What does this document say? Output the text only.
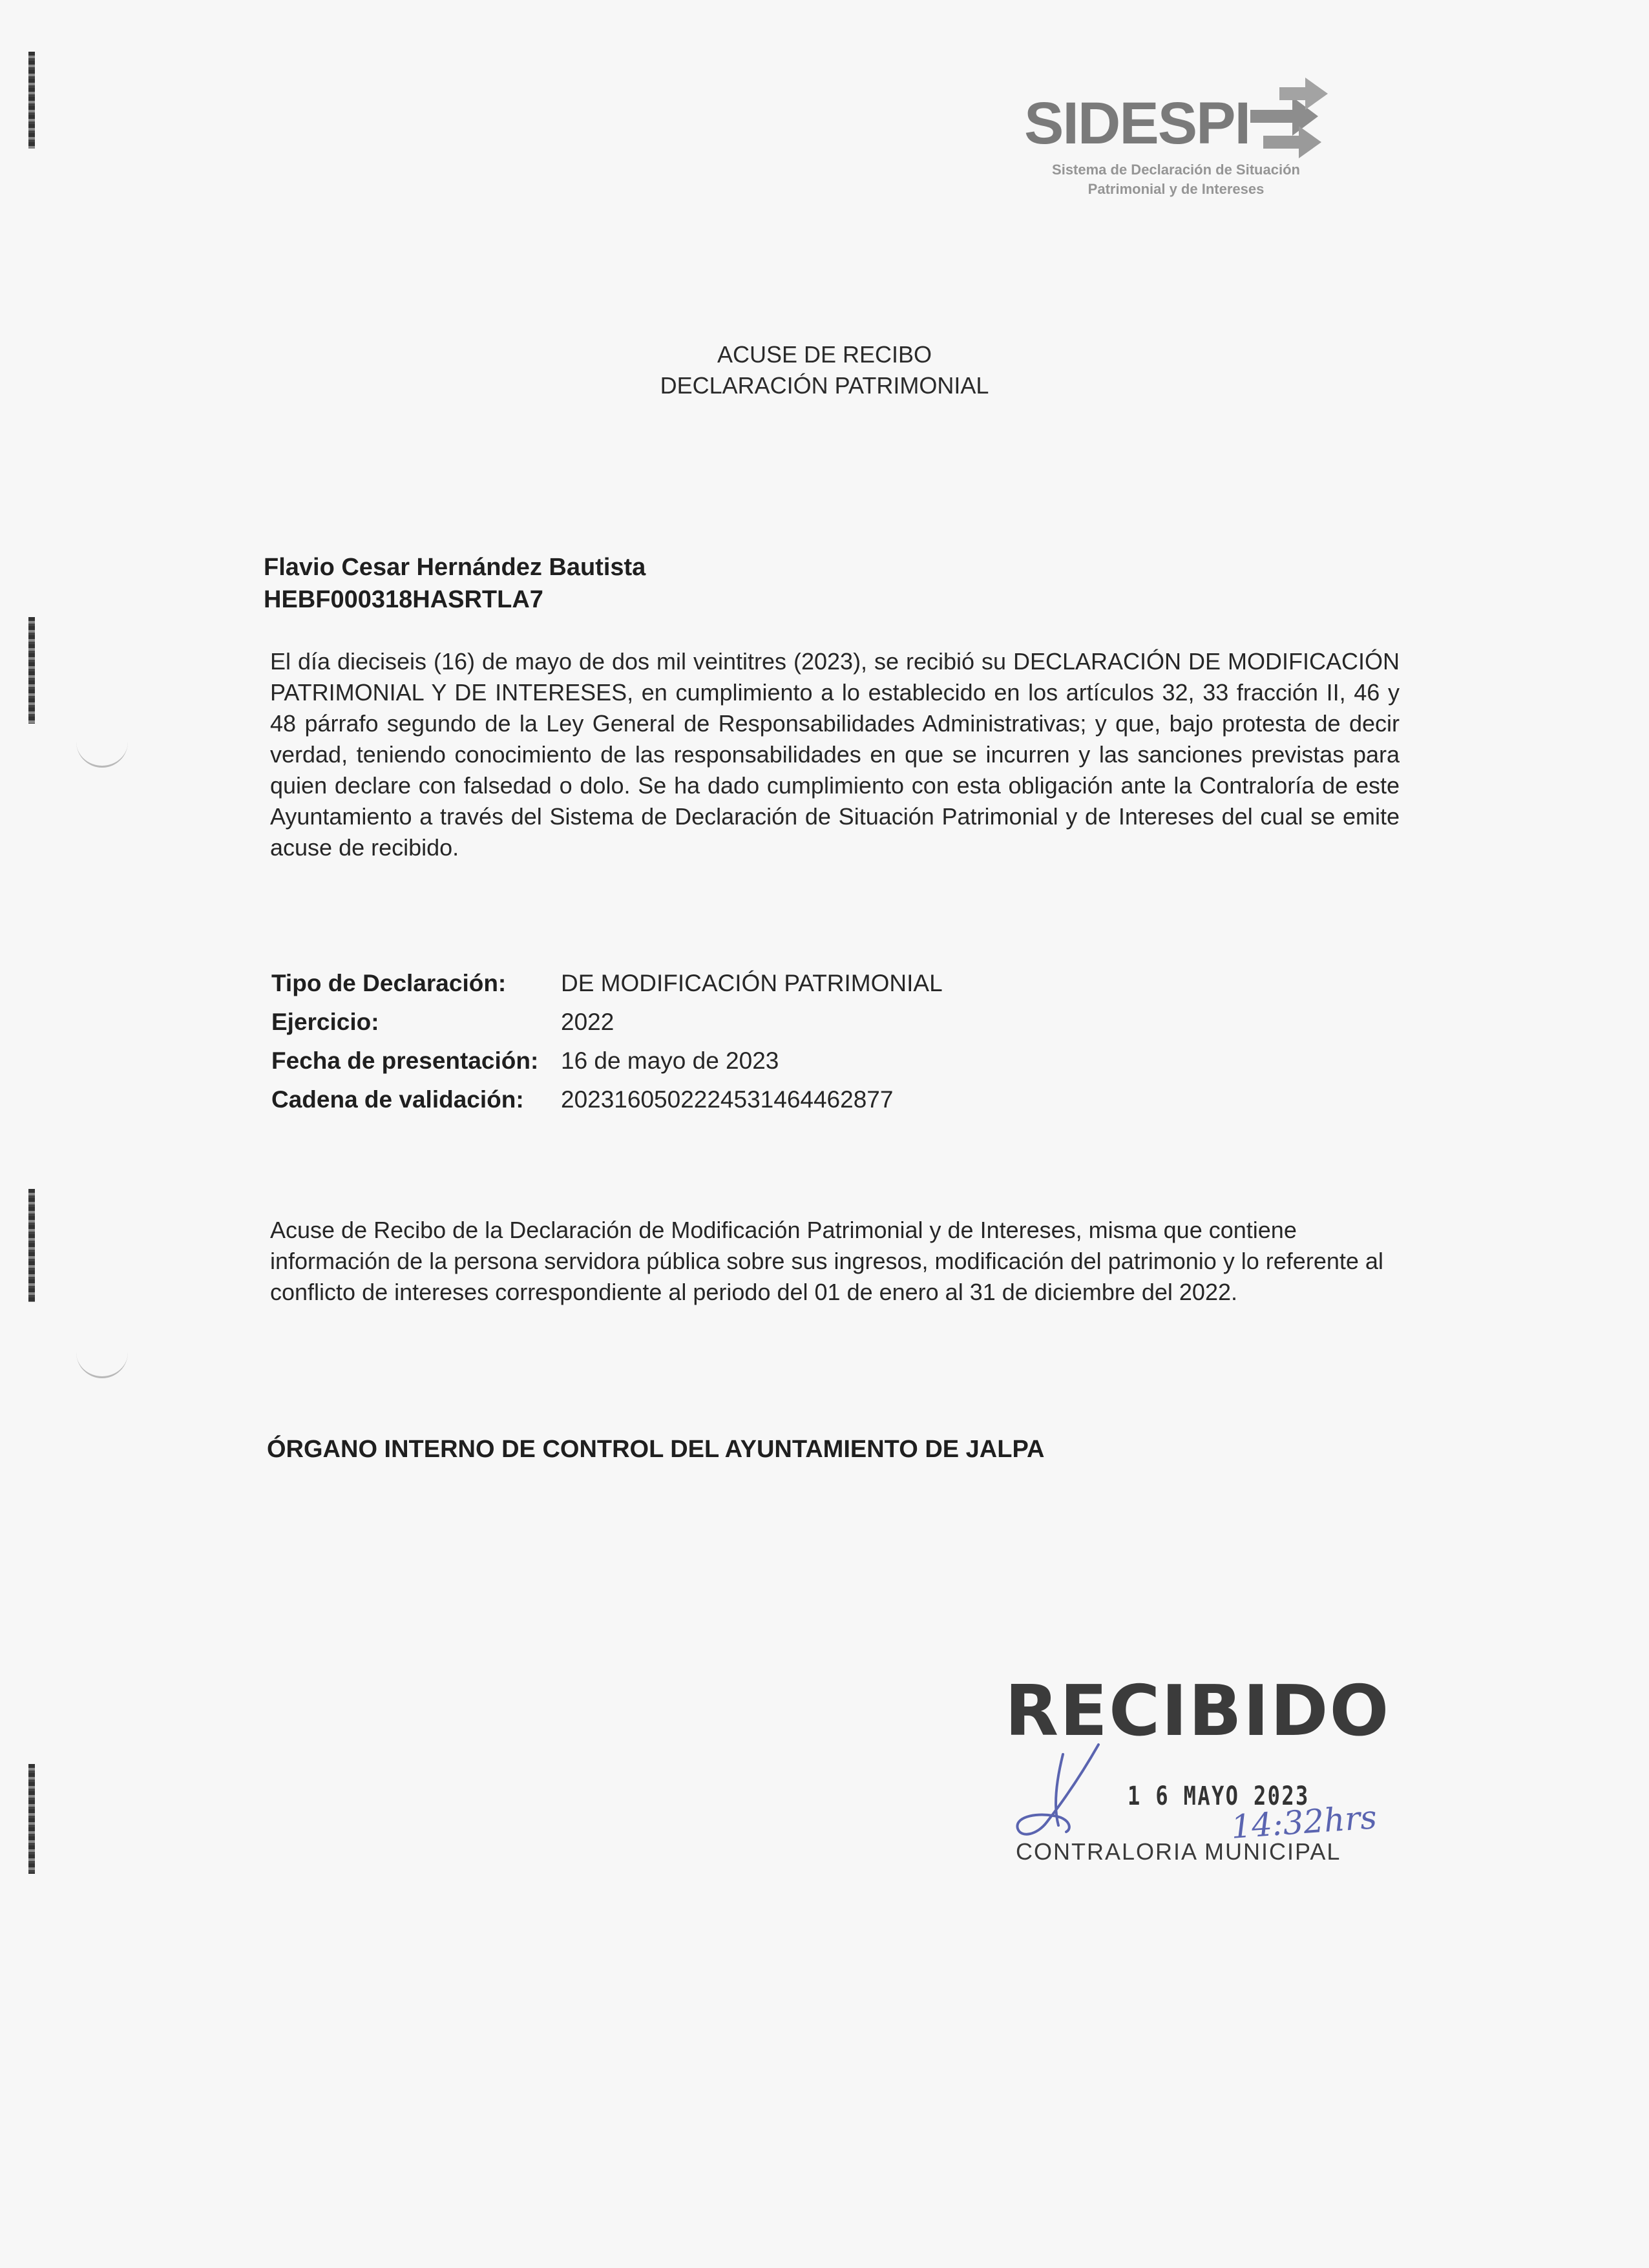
SIDESPI
Sistema de Declaración de Situación
Patrimonial y de Intereses
ACUSE DE RECIBO
DECLARACIÓN PATRIMONIAL
Flavio Cesar Hernández Bautista
HEBF000318HASRTLA7
El día dieciseis (16) de mayo de dos mil veintitres (2023), se recibió su DECLARACIÓN DE MODIFICACIÓN PATRIMONIAL Y DE INTERESES, en cumplimiento a lo establecido en los artículos 32, 33 fracción II, 46 y 48 párrafo segundo de la Ley General de Responsabilidades Administrativas; y que, bajo protesta de decir verdad, teniendo conocimiento de las responsabilidades en que se incurren y las sanciones previstas para quien declare con falsedad o dolo. Se ha dado cumplimiento con esta obligación ante la Contraloría de este Ayuntamiento a través del Sistema de Declaración de Situación Patrimonial y de Intereses del cual se emite acuse de recibido.
Tipo de Declaración: DE MODIFICACIÓN PATRIMONIAL
Ejercicio:	2022
Fecha de presentación: 16 de mayo de 2023
Cadena de validación: 20231605022245314644628​77
Acuse de Recibo de la Declaración de Modificación Patrimonial y de Intereses, misma que contiene información de la persona servidora pública sobre sus ingresos, modificación del patrimonio y lo referente al conflicto de intereses correspondiente al periodo del 01 de enero al 31 de diciembre del 2022.
ÓRGANO INTERNO DE CONTROL DEL AYUNTAMIENTO DE JALPA
RECIBIDO
1 6 MAYO 2023
14:32hrs
CONTRALORIA MUNICIPAL
